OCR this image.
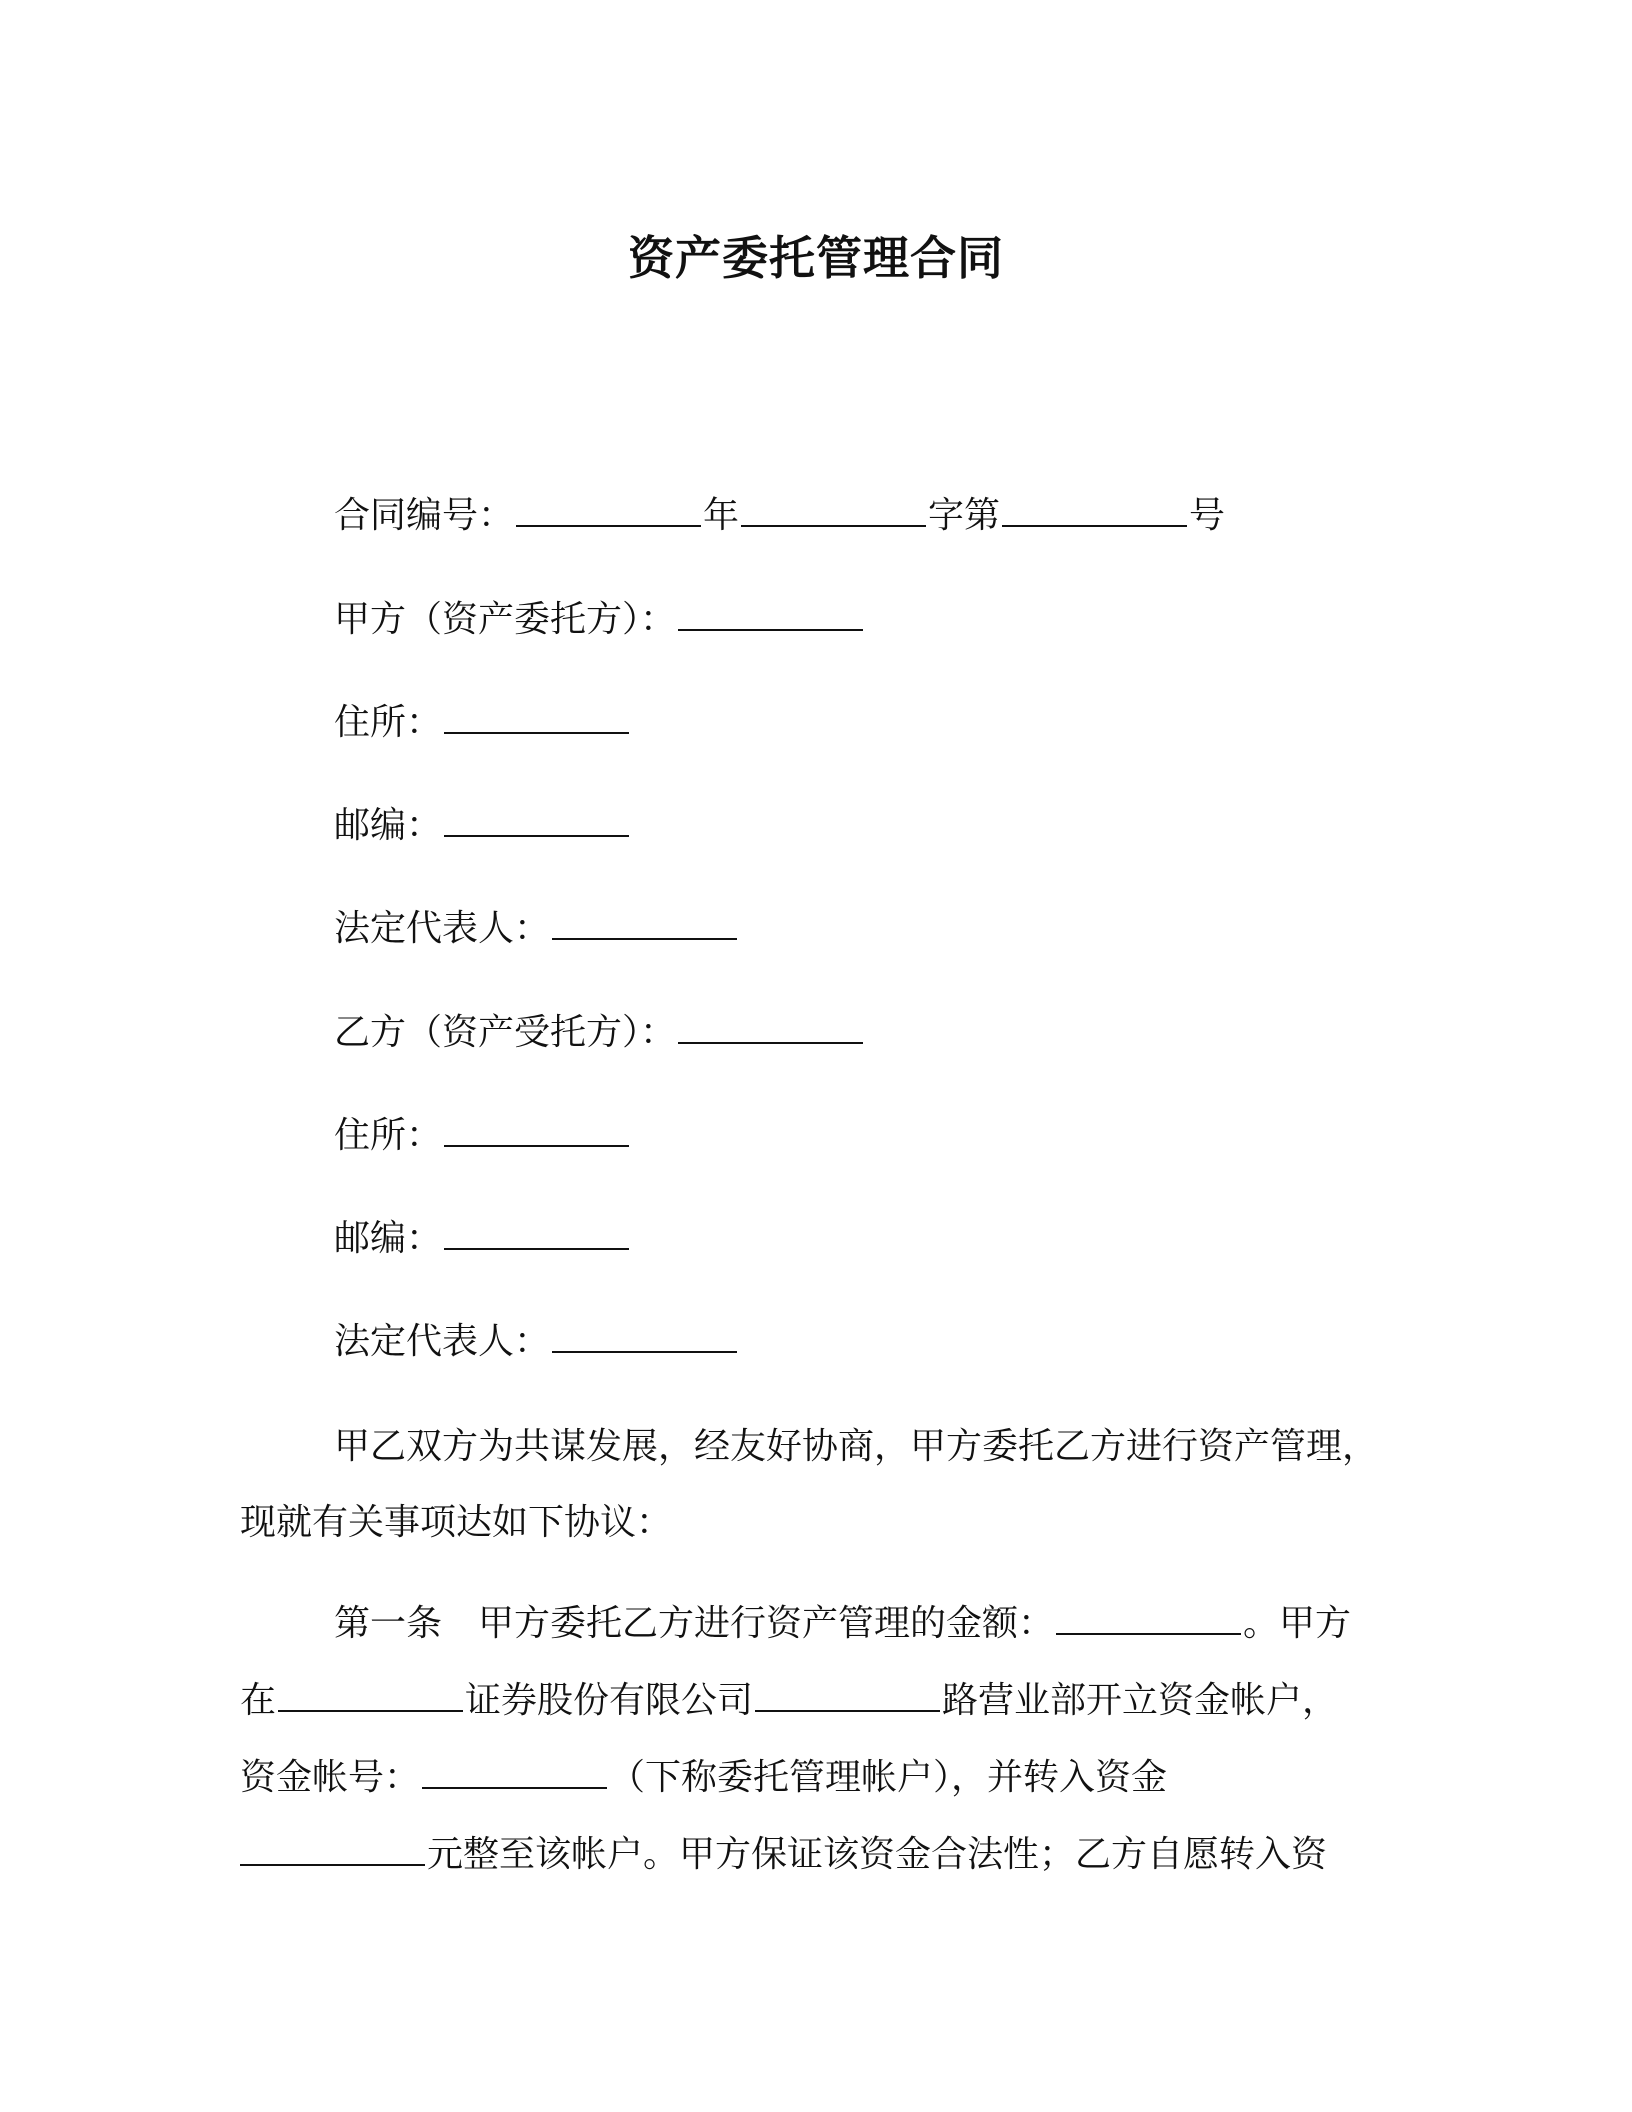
资产委托管理合同
合同编号：	年	字第	号
甲方（资产委托方）：
住所：
邮编：
法定代表人：
乙方（资产受托方）：
住所：
邮编：
法定代表人：
甲乙双方为共谋发展，经友好协商，甲方委托乙方进行资产管理，
现就有关事项达如下协议：
第一条　甲方委托乙方进行资产管理的金额：	。甲方
在	证券股份有限公司	路营业部开立资金帐户，
资金帐号：	（下称委托管理帐户），并转入资金
元整至该帐户。甲方保证该资金合法性；乙方自愿转入资
